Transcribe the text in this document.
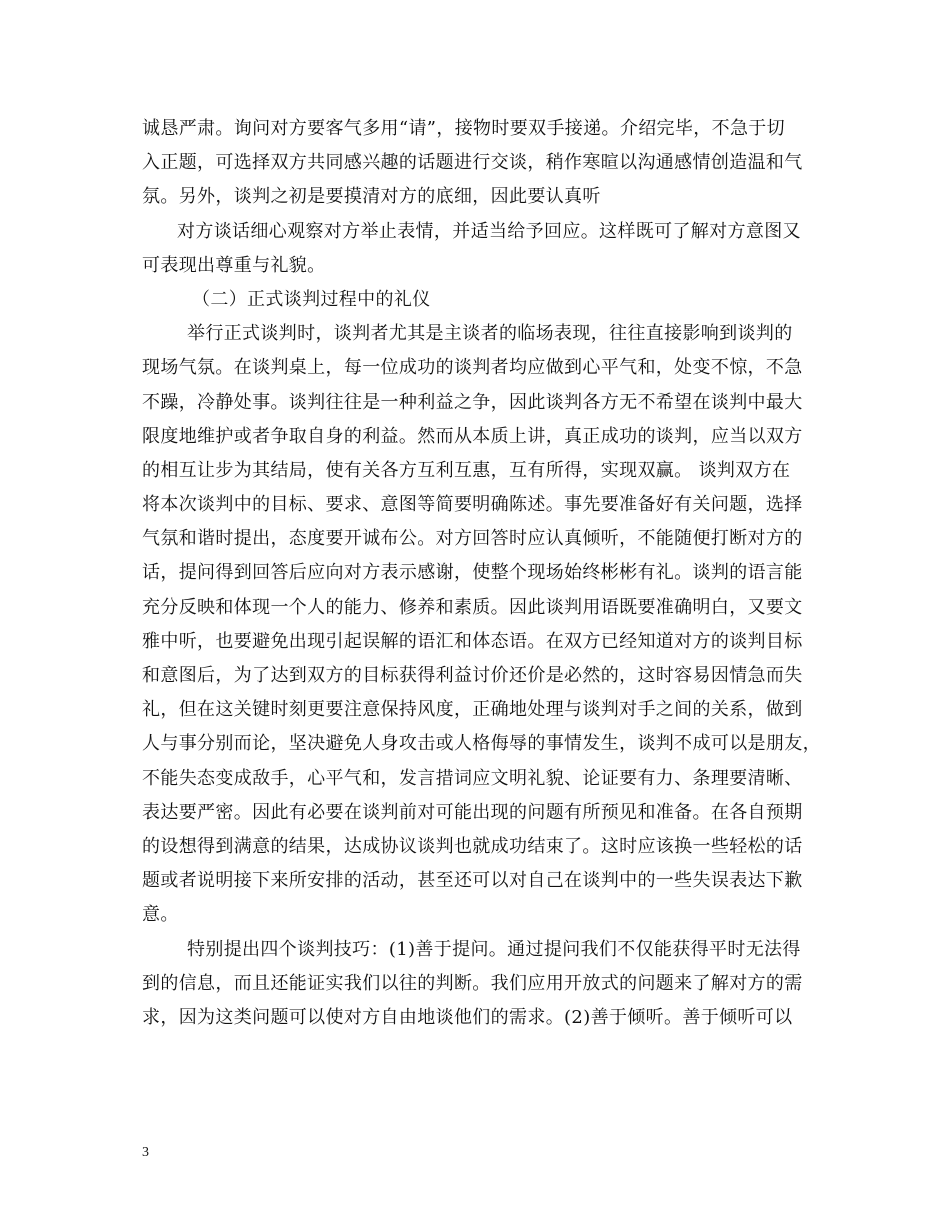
诚恳严肃。询问对方要客气多用“请”，接物时要双手接递。介绍完毕，不急于切
入正题，可选择双方共同感兴趣的话题进行交谈，稍作寒暄以沟通感情创造温和气
氛。另外，谈判之初是要摸清对方的底细，因此要认真听
对方谈话细心观察对方举止表情，并适当给予回应。这样既可了解对方意图又
可表现出尊重与礼貌。
（二）正式谈判过程中的礼仪
举行正式谈判时，谈判者尤其是主谈者的临场表现，往往直接影响到谈判的
现场气氛。在谈判桌上，每一位成功的谈判者均应做到心平气和，处变不惊，不急
不躁，冷静处事。谈判往往是一种利益之争，因此谈判各方无不希望在谈判中最大
限度地维护或者争取自身的利益。然而从本质上讲，真正成功的谈判，应当以双方
的相互让步为其结局，使有关各方互利互惠，互有所得，实现双赢。 谈判双方在
将本次谈判中的目标、要求、意图等简要明确陈述。事先要准备好有关问题，选择
气氛和谐时提出，态度要开诚布公。对方回答时应认真倾听，不能随便打断对方的
话，提问得到回答后应向对方表示感谢，使整个现场始终彬彬有礼。谈判的语言能
充分反映和体现一个人的能力、修养和素质。因此谈判用语既要准确明白，又要文
雅中听，也要避免出现引起误解的语汇和体态语。在双方已经知道对方的谈判目标
和意图后，为了达到双方的目标获得利益讨价还价是必然的，这时容易因情急而失
礼，但在这关键时刻更要注意保持风度，正确地处理与谈判对手之间的关系，做到
人与事分别而论，坚决避免人身攻击或人格侮辱的事情发生，谈判不成可以是朋友，
不能失态变成敌手，心平气和，发言措词应文明礼貌、论证要有力、条理要清晰、
表达要严密。因此有必要在谈判前对可能出现的问题有所预见和准备。在各自预期
的设想得到满意的结果，达成协议谈判也就成功结束了。这时应该换一些轻松的话
题或者说明接下来所安排的活动，甚至还可以对自己在谈判中的一些失误表达下歉
意。
特别提出四个谈判技巧：(1)善于提问。通过提问我们不仅能获得平时无法得
到的信息，而且还能证实我们以往的判断。我们应用开放式的问题来了解对方的需
求，因为这类问题可以使对方自由地谈他们的需求。(2)善于倾听。善于倾听可以
3
